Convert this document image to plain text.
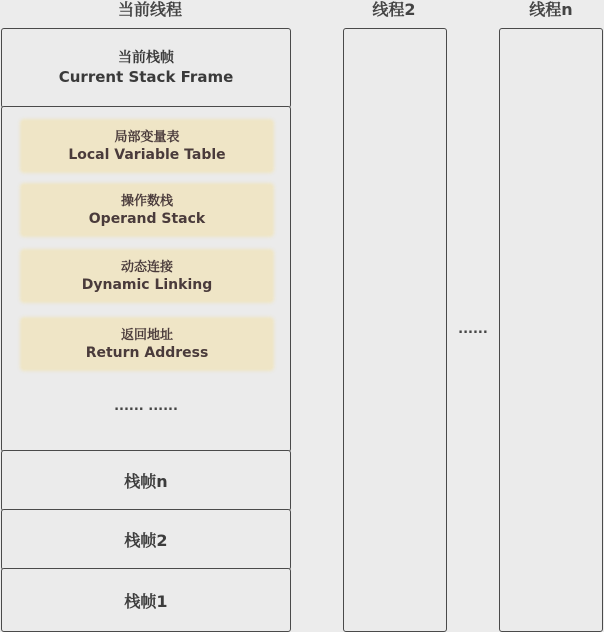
当前线程	线程2	线程n
当前栈帧
Current Stack Frame
局部变量表
Local Variable Table
操作数栈
Operand Stack
动态连接
Dynamic Linking
返回地址
Return Address
...... ......
栈帧n
栈帧2
栈帧1
......
